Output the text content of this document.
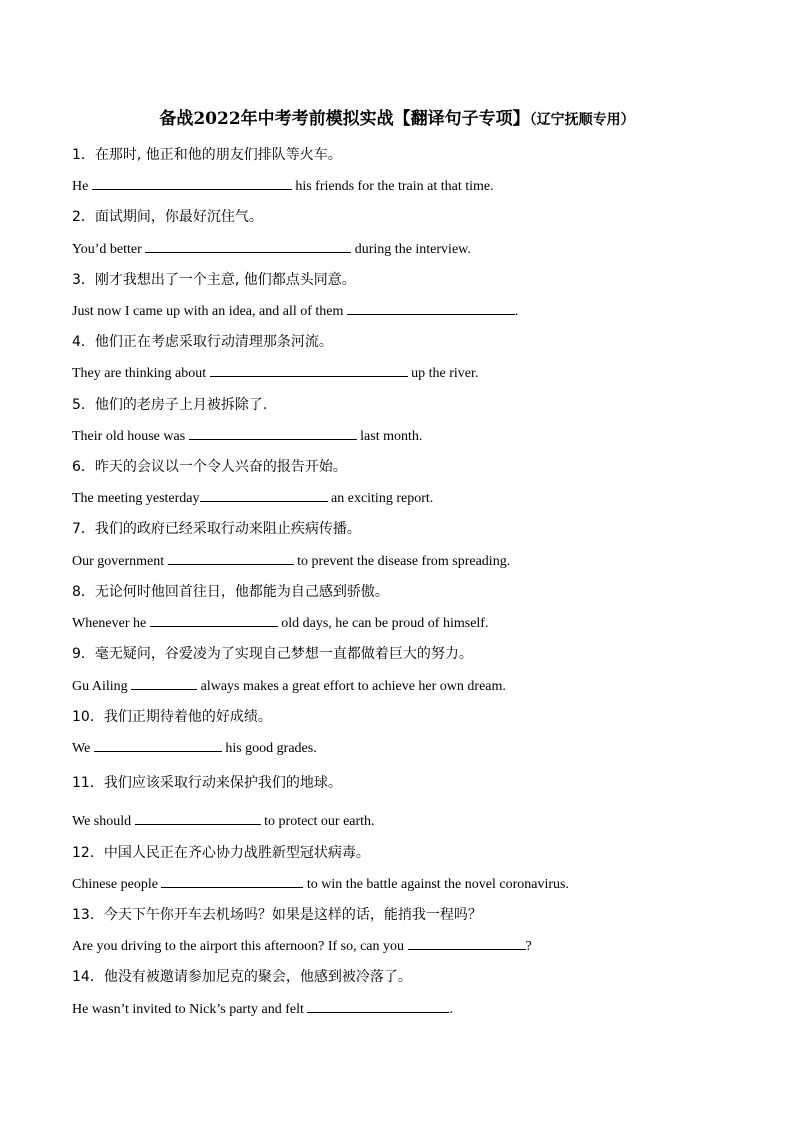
备战2022年中考考前模拟实战【翻译句子专项】（辽宁抚顺专用）
1．在那时, 他正和他的朋友们排队等火车。
He	his friends for the train at that time.
2．面试期间，你最好沉住气。
You’d better	during the interview.
3．刚才我想出了一个主意, 他们都点头同意。
Just now I came up with an idea, and all of them	.
4．他们正在考虑采取行动清理那条河流。
They are thinking about	up the river.
5．他们的老房子上月被拆除了.
Their old house was	last month.
6．昨天的会议以一个令人兴奋的报告开始。
The meeting yesterday	an exciting report.
7．我们的政府已经采取行动来阻止疾病传播。
Our government	to prevent the disease from spreading.
8．无论何时他回首往日，他都能为自己感到骄傲。
Whenever he	old days, he can be proud of himself.
9．毫无疑问，谷爱凌为了实现自己梦想一直都做着巨大的努力。
Gu Ailing	always makes a great effort to achieve her own dream.
10．我们正期待着他的好成绩。
We	his good grades.
11．我们应该采取行动来保护我们的地球。
We should	to protect our earth.
12．中国人民正在齐心协力战胜新型冠状病毒。
Chinese people	to win the battle against the novel coronavirus.
13．今天下午你开车去机场吗？如果是这样的话，能捎我一程吗？
Are you driving to the airport this afternoon? If so, can you	?
14．他没有被邀请参加尼克的聚会，他感到被冷落了。
He wasn’t invited to Nick’s party and felt	.
